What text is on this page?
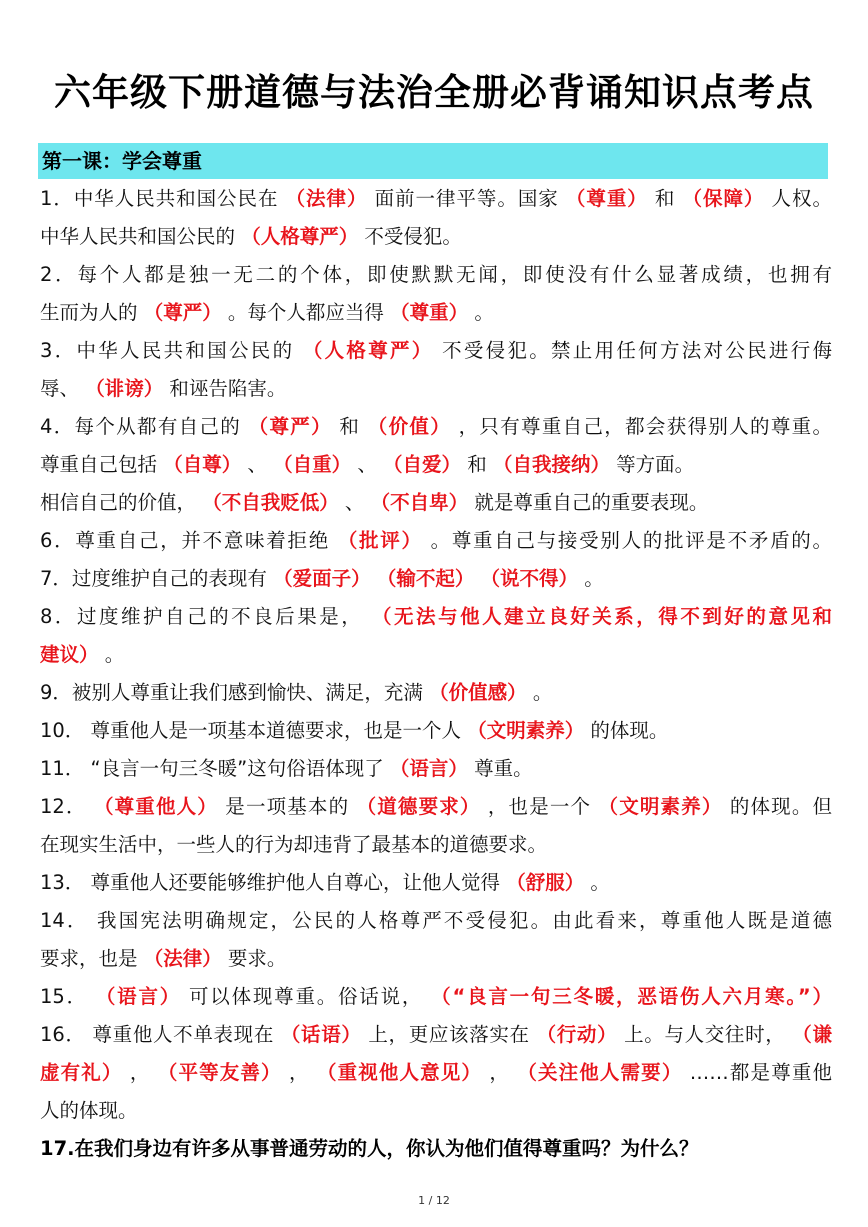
六年级下册道德与法治全册必背诵知识点考点
第一课：学会尊重
1．中华人民共和国公民在 （法律） 面前一律平等。国家 （尊重） 和 （保障） 人权。
中华人民共和国公民的 （人格尊严） 不受侵犯。
2．每个人都是独一无二的个体，即使默默无闻，即使没有什么显著成绩，也拥有
生而为人的 （尊严） 。每个人都应当得 （尊重） 。
3．中华人民共和国公民的 （人格尊严） 不受侵犯。禁止用任何方法对公民进行侮
辱、 （诽谤） 和诬告陷害。
4．每个从都有自己的 （尊严） 和 （价值） ，只有尊重自己，都会获得别人的尊重。
尊重自己包括 （自尊） 、 （自重） 、 （自爱） 和 （自我接纳） 等方面。
相信自己的价值， （不自我贬低） 、 （不自卑） 就是尊重自己的重要表现。
6．尊重自己，并不意味着拒绝 （批评） 。尊重自己与接受别人的批评是不矛盾的。
7．过度维护自己的表现有 （爱面子） （输不起） （说不得） 。
8．过度维护自己的不良后果是， （无法与他人建立良好关系，得不到好的意见和
建议） 。
9．被别人尊重让我们感到愉快、满足，充满 （价值感） 。
10． 尊重他人是一项基本道德要求，也是一个人 （文明素养） 的体现。
11． “良言一句三冬暖”这句俗语体现了 （语言） 尊重。
12． （尊重他人） 是一项基本的 （道德要求） ，也是一个 （文明素养） 的体现。但
在现实生活中，一些人的行为却违背了最基本的道德要求。
13． 尊重他人还要能够维护他人自尊心，让他人觉得 （舒服） 。
14． 我国宪法明确规定，公民的人格尊严不受侵犯。由此看来，尊重他人既是道德
要求，也是 （法律） 要求。
15． （语言） 可以体现尊重。俗话说， （“良言一句三冬暖，恶语伤人六月寒。”）
16． 尊重他人不单表现在 （话语） 上，更应该落实在 （行动） 上。与人交往时， （谦
虚有礼） ， （平等友善） ， （重视他人意见） ， （关注他人需要） ……都是尊重他
人的体现。
17.在我们身边有许多从事普通劳动的人，你认为他们值得尊重吗？为什么？
1 / 12
